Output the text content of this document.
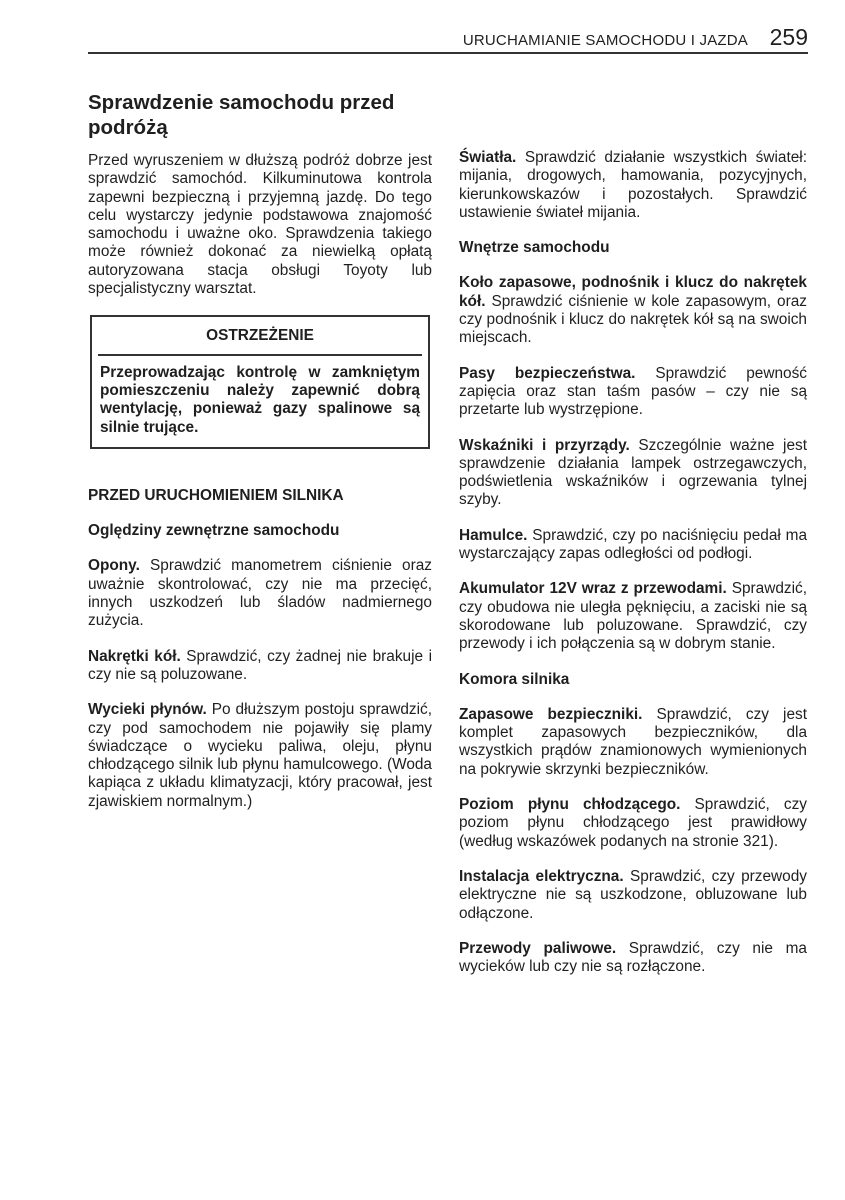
URUCHAMIANIE SAMOCHODU I JAZDA 259
Sprawdzenie samochodu przed podróżą

Przed wyruszeniem w dłuższą podróż dobrze jest sprawdzić samochód. Kilkuminutowa kontrola zapewni bezpieczną i przyjemną jazdę. Do tego celu wystarczy jedynie podstawowa znajomość samochodu i uważne oko. Sprawdzenia takiego może również dokonać za niewielką opłatą autoryzowana stacja obsługi Toyoty lub specjalistyczny warsztat.

OSTRZEŻENIE

Przeprowadzając kontrolę w zamkniętym pomieszczeniu należy zapewnić dobrą wentylację, ponieważ gazy spalinowe są silnie trujące.

PRZED URUCHOMIENIEM SILNIKA
Oględziny zewnętrzne samochodu

Opony. Sprawdzić manometrem ciśnienie oraz uważnie skontrolować, czy nie ma przecięć, innych uszkodzeń lub śladów nadmiernego zużycia.

Nakrętki kół. Sprawdzić, czy żadnej nie brakuje i czy nie są poluzowane.

Wycieki płynów. Po dłuższym postoju sprawdzić, czy pod samochodem nie pojawiły się plamy świadczące o wycieku paliwa, oleju, płynu chłodzącego silnik lub płynu hamulcowego. (Woda kapiąca z układu klimatyzacji, który pracował, jest zjawiskiem normalnym.)

Światła. Sprawdzić działanie wszystkich świateł: mijania, drogowych, hamowania, pozycyjnych, kierunkowskazów i pozostałych. Sprawdzić ustawienie świateł mijania.

Wnętrze samochodu

Koło zapasowe, podnośnik i klucz do nakrętek kół. Sprawdzić ciśnienie w kole zapasowym, oraz czy podnośnik i klucz do nakrętek kół są na swoich miejscach.

Pasy bezpieczeństwa. Sprawdzić pewność zapięcia oraz stan taśm pasów – czy nie są przetarte lub wystrzępione.

Wskaźniki i przyrządy. Szczególnie ważne jest sprawdzenie działania lampek ostrzegawczych, podświetlenia wskaźników i ogrzewania tylnej szyby.

Hamulce. Sprawdzić, czy po naciśnięciu pedał ma wystarczający zapas odległości od podłogi.

Akumulator 12V wraz z przewodami. Sprawdzić, czy obudowa nie uległa pęknięciu, a zaciski nie są skorodowane lub poluzowane. Sprawdzić, czy przewody i ich połączenia są w dobrym stanie.

Komora silnika

Zapasowe bezpieczniki. Sprawdzić, czy jest komplet zapasowych bezpieczników, dla wszystkich prądów znamionowych wymienionych na pokrywie skrzynki bezpieczników.

Poziom płynu chłodzącego. Sprawdzić, czy poziom płynu chłodzącego jest prawidłowy (według wskazówek podanych na stronie 321).

Instalacja elektryczna. Sprawdzić, czy przewody elektryczne nie są uszkodzone, obluzowane lub odłączone.

Przewody paliwowe. Sprawdzić, czy nie ma wycieków lub czy nie są rozłączone.
